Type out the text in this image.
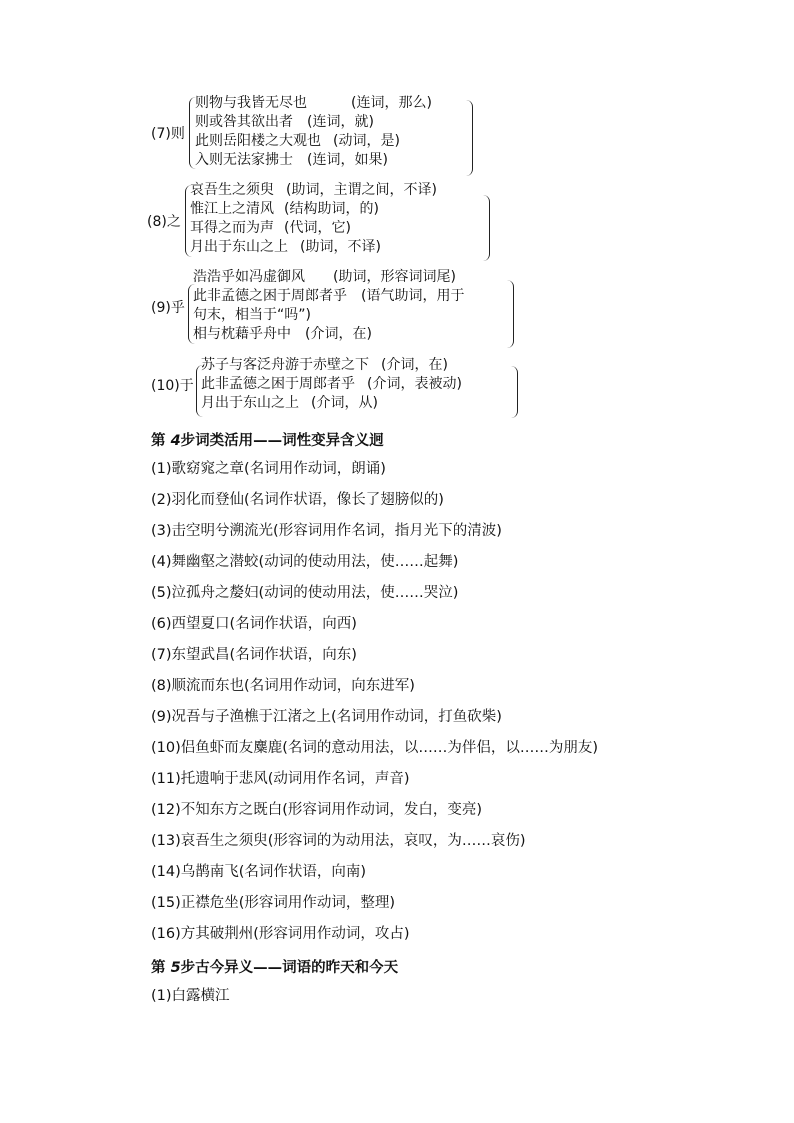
(7)则
则物与我皆无尽也	(连词，那么)
则或咎其欲出者 (连词，就)
此则岳阳楼之大观也 (动词，是)
入则无法家拂士 (连词，如果)
(8)之
哀吾生之须臾 (助词，主谓之间，不译)
惟江上之清风 (结构助词，的)
耳得之而为声 (代词，它)
月出于东山之上 (助词，不译)
(9)乎
浩浩乎如冯虚御风 (助词，形容词词尾)
此非孟德之困于周郎者乎 (语气助词，用于
句末，相当于“吗”)
相与枕藉乎舟中 (介词，在)
(10)于
苏子与客泛舟游于赤壁之下 (介词，在)
此非孟德之困于周郎者乎 (介词，表被动)
月出于东山之上 (介词，从)
第 4步词类活用——词性变异含义迥
(1)歌窈窕之章(名词用作动词，朗诵)
(2)羽化而登仙(名词作状语，像长了翅膀似的)
(3)击空明兮溯流光(形容词用作名词，指月光下的清波)
(4)舞幽壑之潜蛟(动词的使动用法，使……起舞)
(5)泣孤舟之嫠妇(动词的使动用法，使……哭泣)
(6)西望夏口(名词作状语，向西)
(7)东望武昌(名词作状语，向东)
(8)顺流而东也(名词用作动词，向东进军)
(9)况吾与子渔樵于江渚之上(名词用作动词，打鱼砍柴)
(10)侣鱼虾而友麋鹿(名词的意动用法，以……为伴侣，以……为朋友)
(11)托遗响于悲风(动词用作名词，声音)
(12)不知东方之既白(形容词用作动词，发白，变亮)
(13)哀吾生之须臾(形容词的为动用法，哀叹，为……哀伤)
(14)乌鹊南飞(名词作状语，向南)
(15)正襟危坐(形容词用作动词，整理)
(16)方其破荆州(形容词用作动词，攻占)
第 5步古今异义——词语的昨天和今天
(1)白露横江
